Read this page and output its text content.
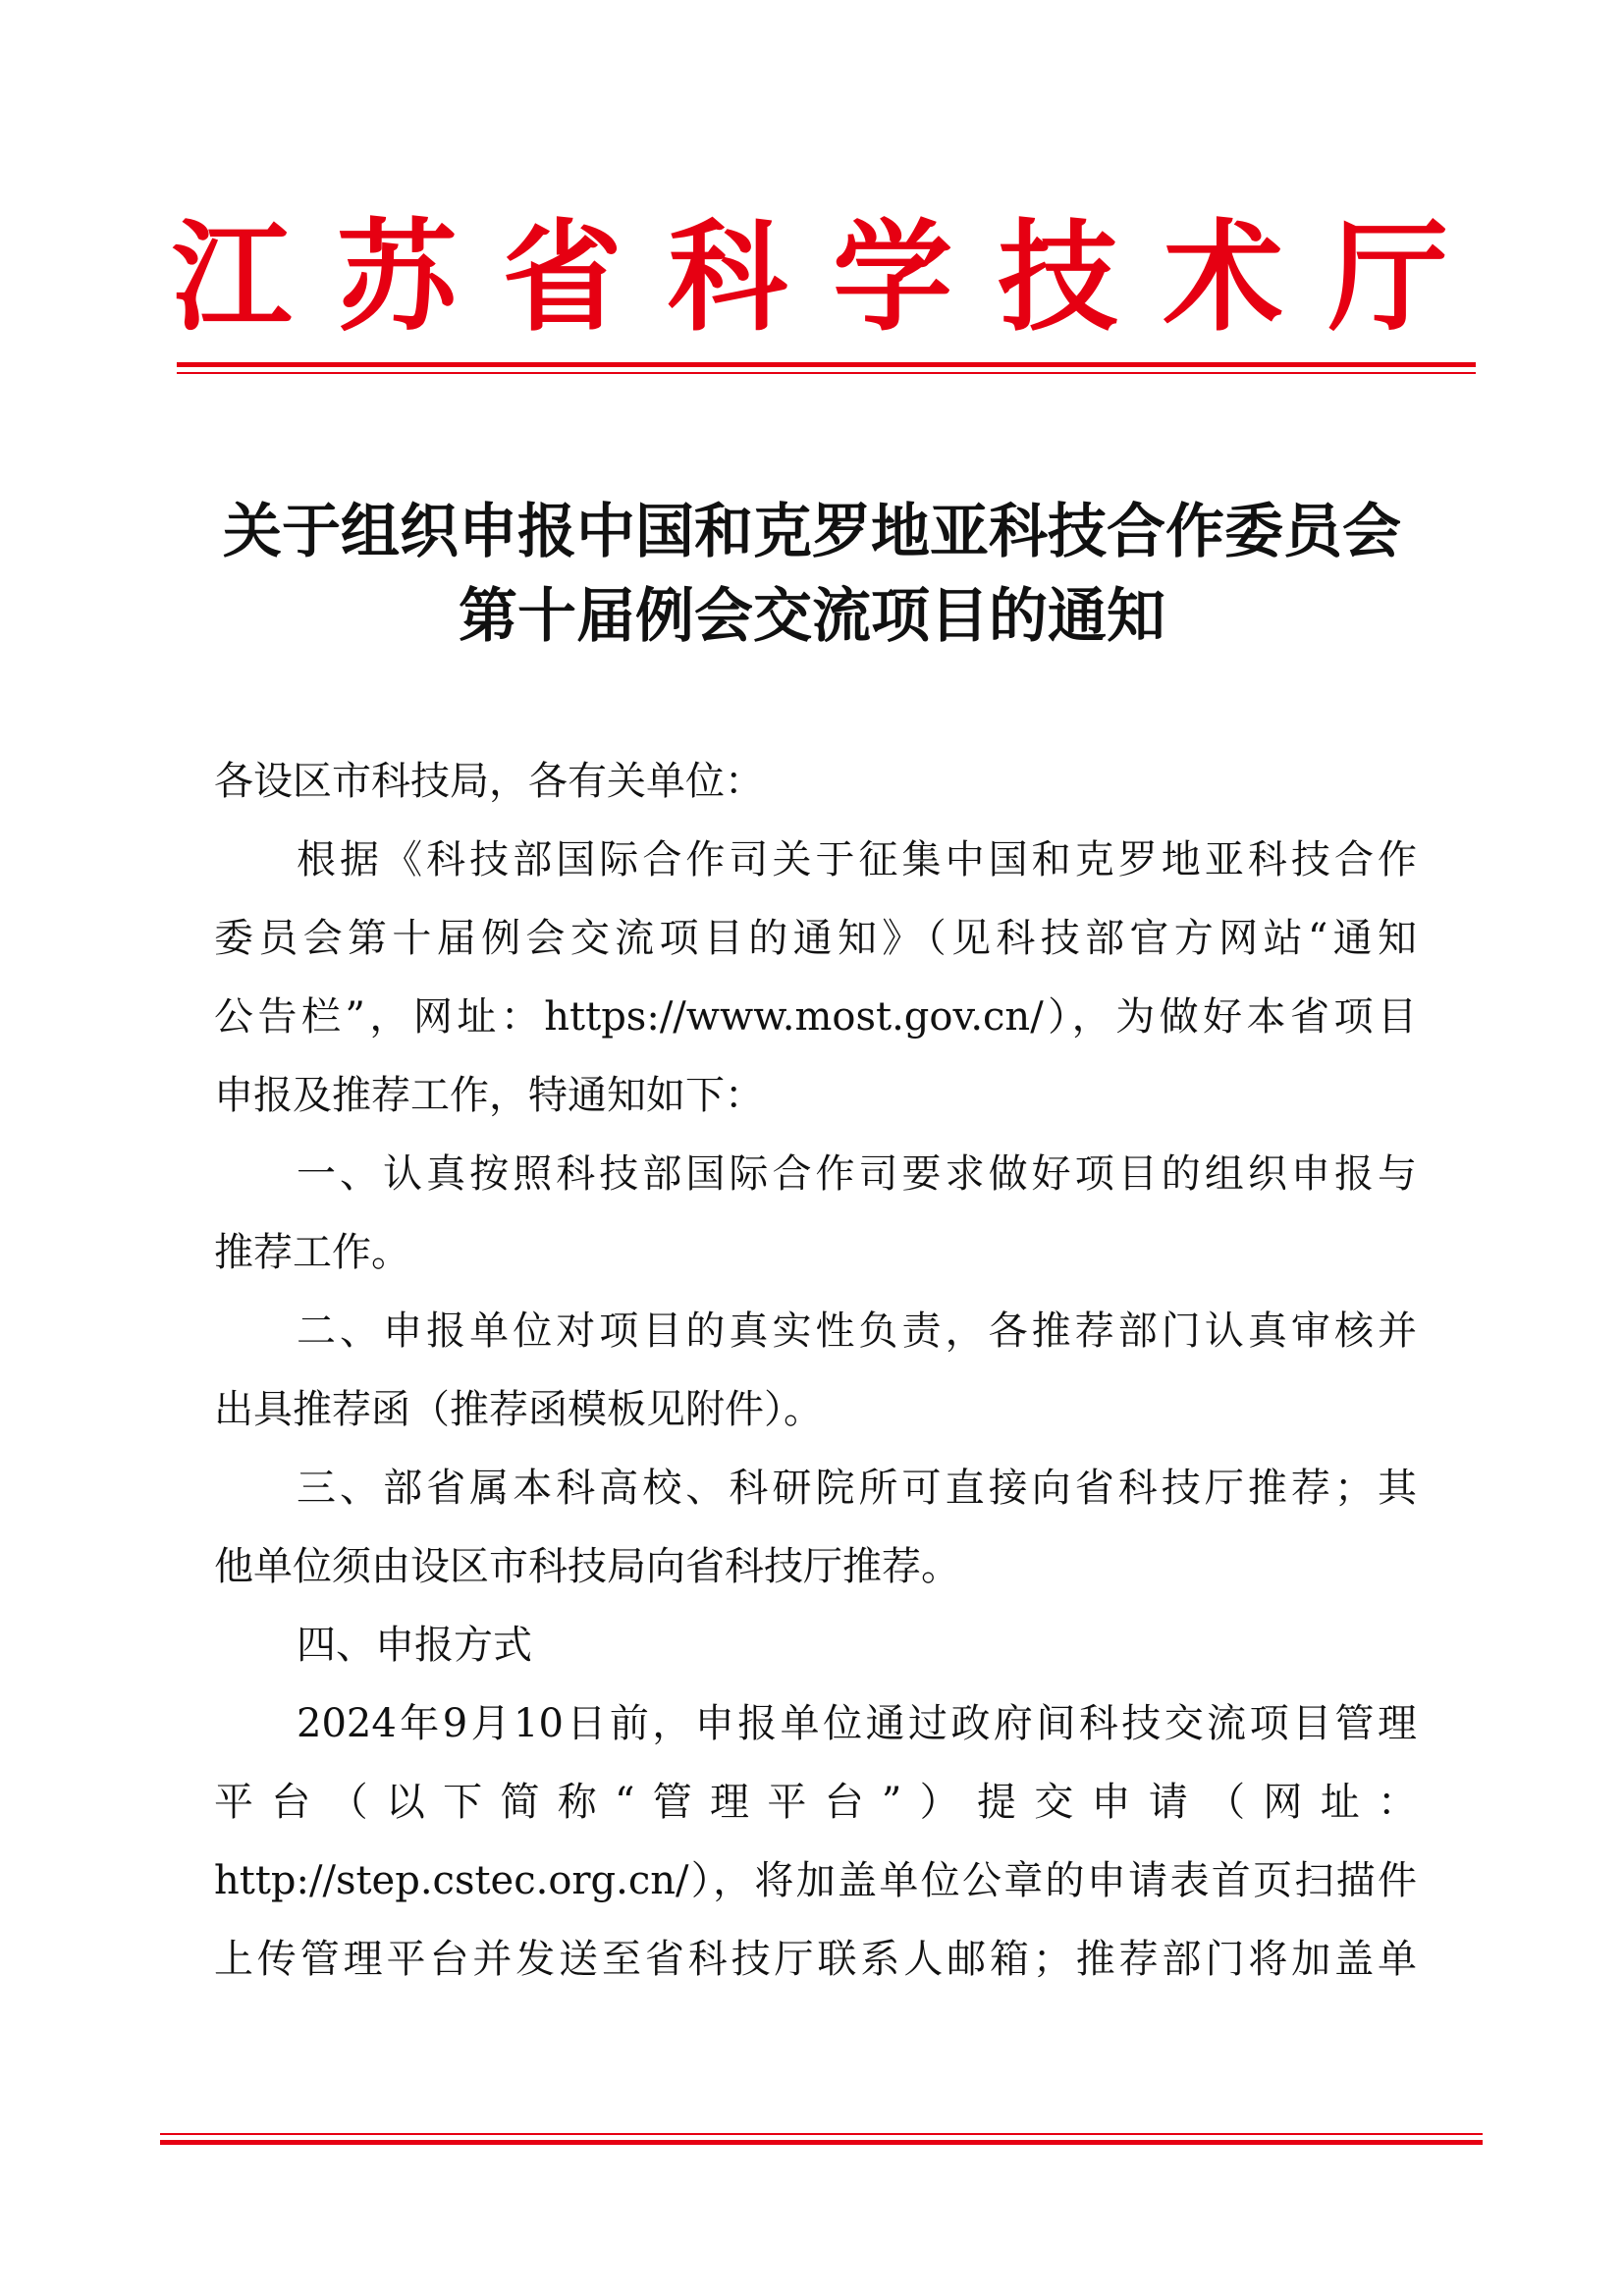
江 苏 省 科 学 技 术 厅
关于组织申报中国和克罗地亚科技合作委员会
第十届例会交流项目的通知
各设区市科技局，各有关单位：
根据《科技部国际合作司关于征集中国和克罗地亚科技合作
委员会第十届例会交流项目的通知》（见科技部官方网站“通知
公告栏”，网址：https://www.most.gov.cn/），为做好本省项目
申报及推荐工作，特通知如下：
一、认真按照科技部国际合作司要求做好项目的组织申报与
推荐工作。
二、申报单位对项目的真实性负责，各推荐部门认真审核并
出具推荐函（推荐函模板见附件）。
三、部省属本科高校、科研院所可直接向省科技厅推荐；其
他单位须由设区市科技局向省科技厅推荐。
四、申报方式
2024年9月10日前，申报单位通过政府间科技交流项目管理
平台（以下简称“管理平台”）提交申请（网址：
http://step.cstec.org.cn/），将加盖单位公章的申请表首页扫描件
上传管理平台并发送至省科技厅联系人邮箱；推荐部门将加盖单
